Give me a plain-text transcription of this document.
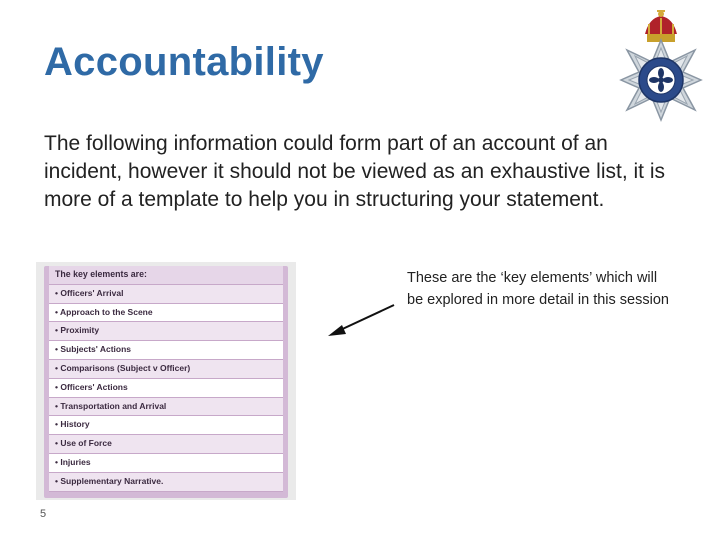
Accountability
The following information could form part of an account of an incident, however it should not be viewed as an exhaustive list, it is more of a template to help you in structuring your statement.
The key elements are:
• Officers' Arrival
• Approach to the Scene
• Proximity
• Subjects' Actions
• Comparisons (Subject v Officer)
• Officers' Actions
• Transportation and Arrival
• History
• Use of Force
• Injuries
• Supplementary Narrative.
These are the ‘key elements’ which will be explored in more detail in this session
5
